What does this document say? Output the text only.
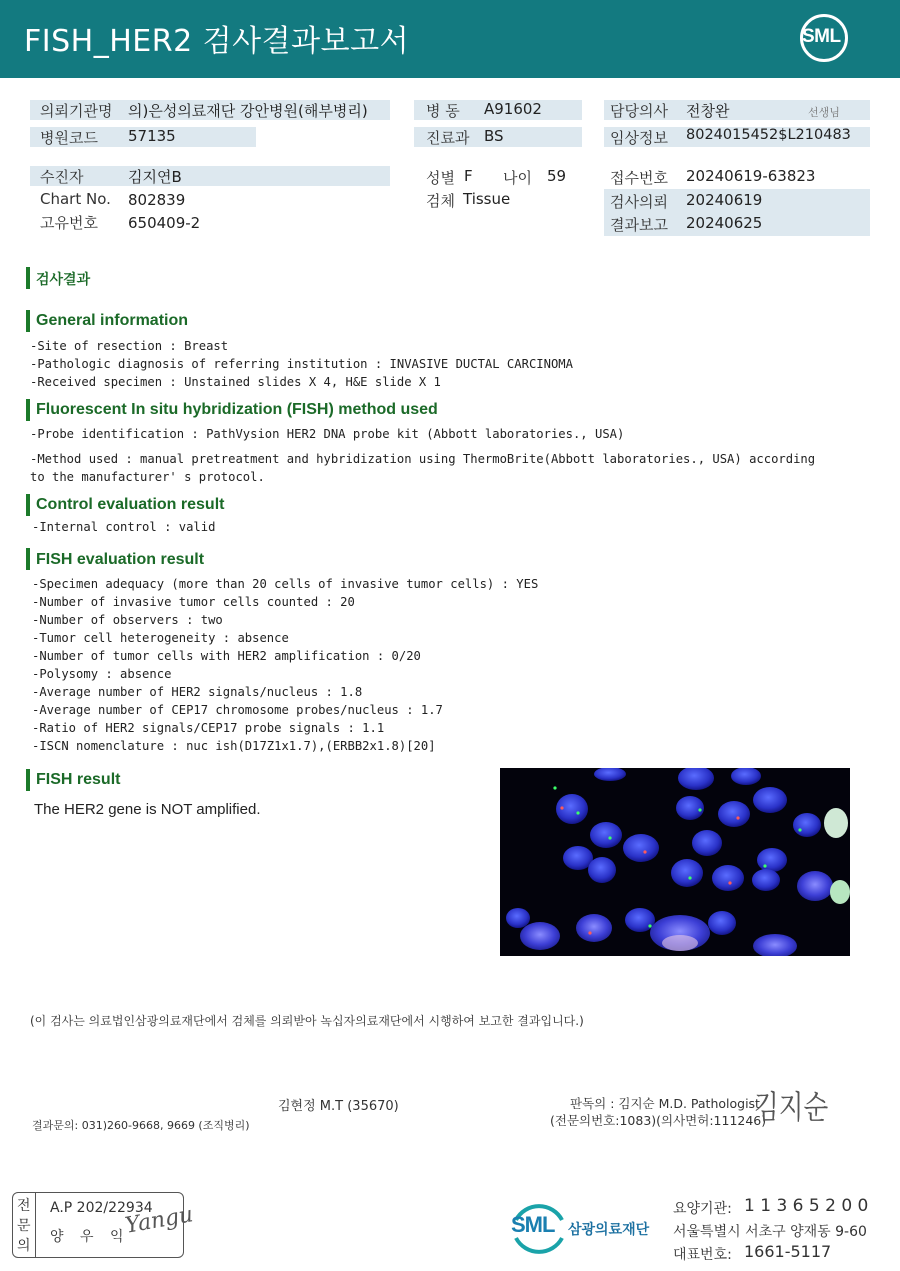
FISH_HER2 검사결과보고서	SML
의뢰기관명 의)은성의료재단 강안병원(해부병리)
병원코드 57135
수진자	김지연B
Chart No. 802839
고유번호 650409-2
병 동 A91602
진료과 BS
성별 F 나이 59
검체 Tissue
담당의사 전창완	선생님
임상정보 8024015452$L210483
접수번호 20240619-63823
검사의뢰 20240619
결과보고 20240625
검사결과
General information
-Site of resection : Breast
-Pathologic diagnosis of referring institution : INVASIVE DUCTAL CARCINOMA
-Received specimen : Unstained slides X 4, H&E slide X 1
Fluorescent In situ hybridization (FISH) method used
-Probe identification : PathVysion HER2 DNA probe kit (Abbott laboratories., USA)
-Method used : manual pretreatment and hybridization using ThermoBrite(Abbott laboratories., USA) according
to the manufacturer' s protocol.
Control evaluation result
-Internal control : valid
FISH evaluation result
-Specimen adequacy (more than 20 cells of invasive tumor cells) : YES
-Number of invasive tumor cells counted : 20
-Number of observers : two
-Tumor cell heterogeneity : absence
-Number of tumor cells with HER2 amplification : 0/20
-Polysomy : absence
-Average number of HER2 signals/nucleus : 1.8
-Average number of CEP17 chromosome probes/nucleus : 1.7
-Ratio of HER2 signals/CEP17 probe signals : 1.1
-ISCN nomenclature : nuc ish(D17Z1x1.7),(ERBB2x1.8)[20]
FISH result
The HER2 gene is NOT amplified.
(이 검사는 의료법인삼광의료재단에서 검체를 의뢰받아 녹십자의료재단에서 시행하여 보고한 결과입니다.)
김현정 M.T (35670)
결과문의: 031)260-9668, 9669 (조직병리)
판독의 : 김지순 M.D. Pathologist
(전문의번호:1083)(의사면허:111246)
김지순
전
문
의
A.P 202/22934
양 우 익
Yangu	SML 삼광의료재단
요양기관: 1 1 3 6 5 2 0 0
서울특별시 서초구 양재동 9-60
대표번호: 1661-5117
